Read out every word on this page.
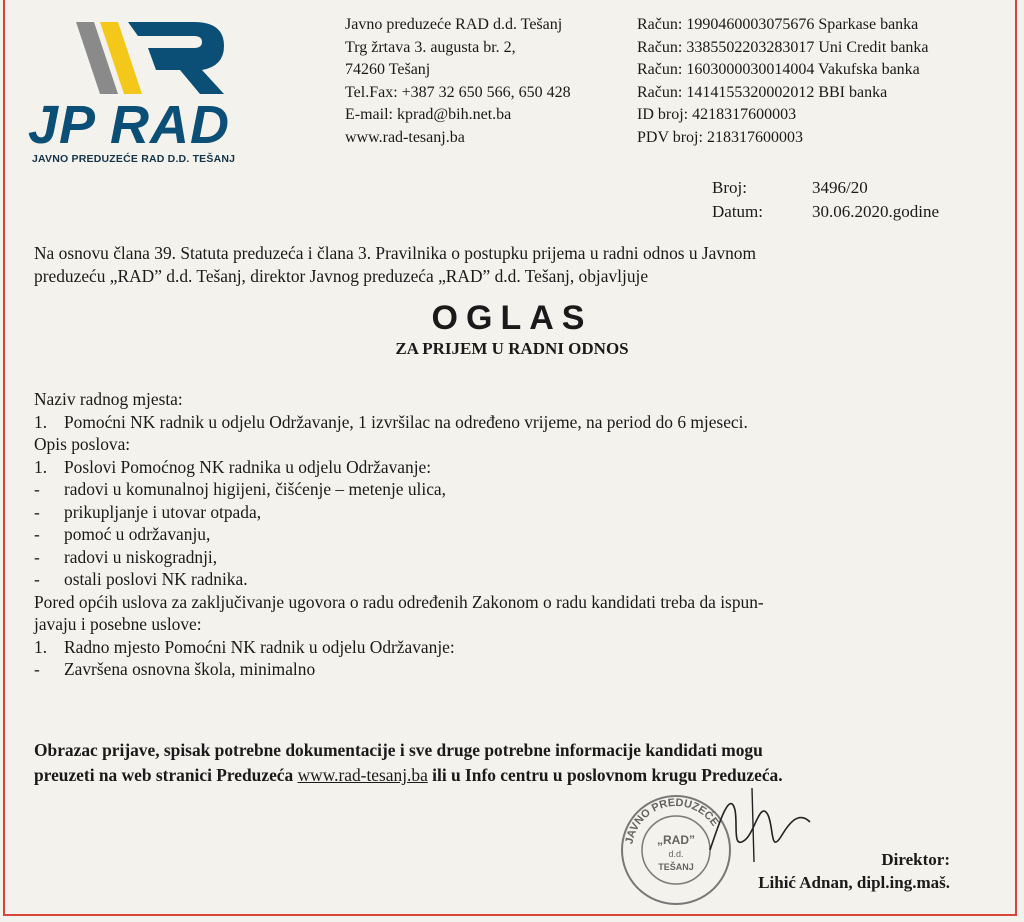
JP RAD
JAVNO PREDUZEĆE RAD D.D. TEŠANJ
Javno preduzeće RAD d.d. Tešanj
Trg žrtava 3. augusta br. 2,
74260 Tešanj
Tel.Fax: +387 32 650 566, 650 428
E-mail: kprad@bih.net.ba
www.rad-tesanj.ba
Račun: 1990460003075676 Sparkase banka
Račun: 3385502203283017 Uni Credit banka
Račun: 1603000030014004 Vakufska banka
Račun: 1414155320002012 BBI banka
ID broj: 4218317600003
PDV broj: 218317600003
Broj:	3496/20
Datum:	30.06.2020.godine

Na osnovu člana 39. Statuta preduzeća i člana 3. Pravilnika o postupku prijema u radni odnos u Javnom

preduzeću „RAD” d.d. Tešanj, direktor Javnog preduzeća „RAD” d.d. Tešanj, objavljuje

OGLAS
ZA PRIJEM U RADNI ODNOS

Naziv radnog mjesta:

1. Pomoćni NK radnik u odjelu Održavanje, 1 izvršilac na određeno vrijeme, na period do 6 mjeseci.

Opis poslova:

1. Poslovi Pomoćnog NK radnika u odjelu Održavanje:

- radovi u komunalnoj higijeni, čišćenje – metenje ulica,

- prikupljanje i utovar otpada,

- pomoć u održavanju,

- radovi u niskogradnji,

- ostali poslovi NK radnika.

Pored općih uslova za zaključivanje ugovora o radu određenih Zakonom o radu kandidati treba da ispun-

javaju i posebne uslove:

1. Radno mjesto Pomoćni NK radnik u odjelu Održavanje:

- Završena osnovna škola, minimalno

Obrazac prijave, spisak potrebne dokumentacije i sve druge potrebne informacije kandidati mogu
preuzeti na web stranici Preduzeća www.rad-tesanj.ba ili u Info centru u poslovnom krugu Preduzeća.
JAVNO PREDUZEĆE
„RAD”
d.d.
TEŠANJ	Direktor:
Lihić Adnan, dipl.ing.maš.
